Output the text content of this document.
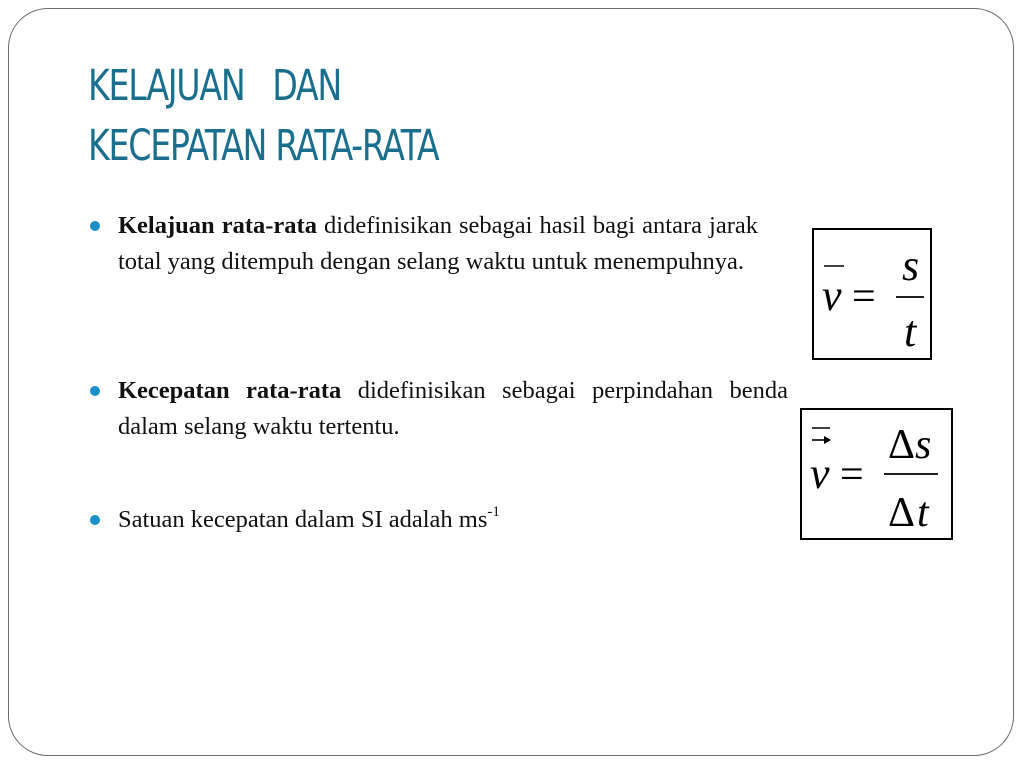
KELAJUAN   DAN
KECEPATAN RATA-RATA

Kelajuan rata-rata didefinisikan sebagai hasil bagi antara jarak total yang ditempuh dengan selang waktu untuk menempuhnya.

Kecepatan rata-rata didefinisikan sebagai perpindahan benda dalam selang waktu tertentu.

Satuan kecepatan dalam SI adalah $ms^{-1}$

v =
s
t
v =
Δ s
Δ t
